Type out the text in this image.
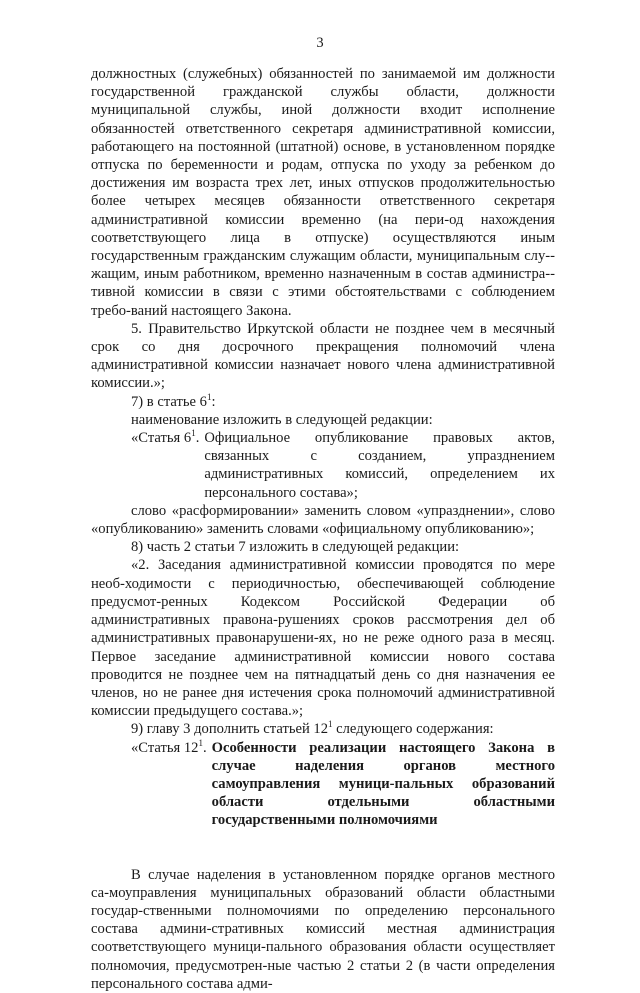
3

должностных (служебных) обязанностей по занимаемой им должности государственной гражданской службы области, должности муниципальной службы, иной должности входит исполнение обязанностей ответственного секретаря административной комиссии, работающего на постоянной (штатной) основе, в установленном порядке отпуска по беременности и родам, отпуска по уходу за ребенком до достижения им возраста трех лет, иных отпусков продолжительностью более четырех месяцев обязанности ответственного секретаря административной комиссии временно (на пери-од нахождения соответствующего лица в отпуске) осуществляются иным государственным гражданским служащим области, муниципальным слу-жащим, иным работником, временно назначенным в состав администра-тивной комиссии в связи с этими обстоятельствами с соблюдением требо-ваний настоящего Закона.

5. Правительство Иркутской области не позднее чем в месячный срок со дня досрочного прекращения полномочий члена административной комиссии назначает нового члена административной комиссии.»;

7) в статье $6^1$:

наименование изложить в следующей редакции:

«Статья $6^1$. Официальное опубликование правовых актов, связанных с созданием, упразднением административных комиссий, определением их персонального состава»;

слово «расформировании» заменить словом «упразднении», слово «опубликованию» заменить словами «официальному опубликованию»;

8) часть 2 статьи 7 изложить в следующей редакции:

«2. Заседания административной комиссии проводятся по мере необ-ходимости с периодичностью, обеспечивающей соблюдение предусмот-ренных Кодексом Российской Федерации об административных правона-рушениях сроков рассмотрения дел об административных правонарушени-ях, но не реже одного раза в месяц. Первое заседание административной комиссии нового состава проводится не позднее чем на пятнадцатый день со дня назначения ее членов, но не ранее дня истечения срока полномочий административной комиссии предыдущего состава.»;

9) главу 3 дополнить статьей $12^1$ следующего содержания:

«Статья $12^1$. Особенности реализации настоящего Закона в случае наделения органов местного самоуправления муници-пальных образований области отдельными областными государственными полномочиями

В случае наделения в установленном порядке органов местного са-моуправления муниципальных образований области областными государ-ственными полномочиями по определению персонального состава админи-стративных комиссий местная администрация соответствующего муници-пального образования области осуществляет полномочия, предусмотрен-ные частью 2 статьи 2 (в части определения персонального состава адми-
